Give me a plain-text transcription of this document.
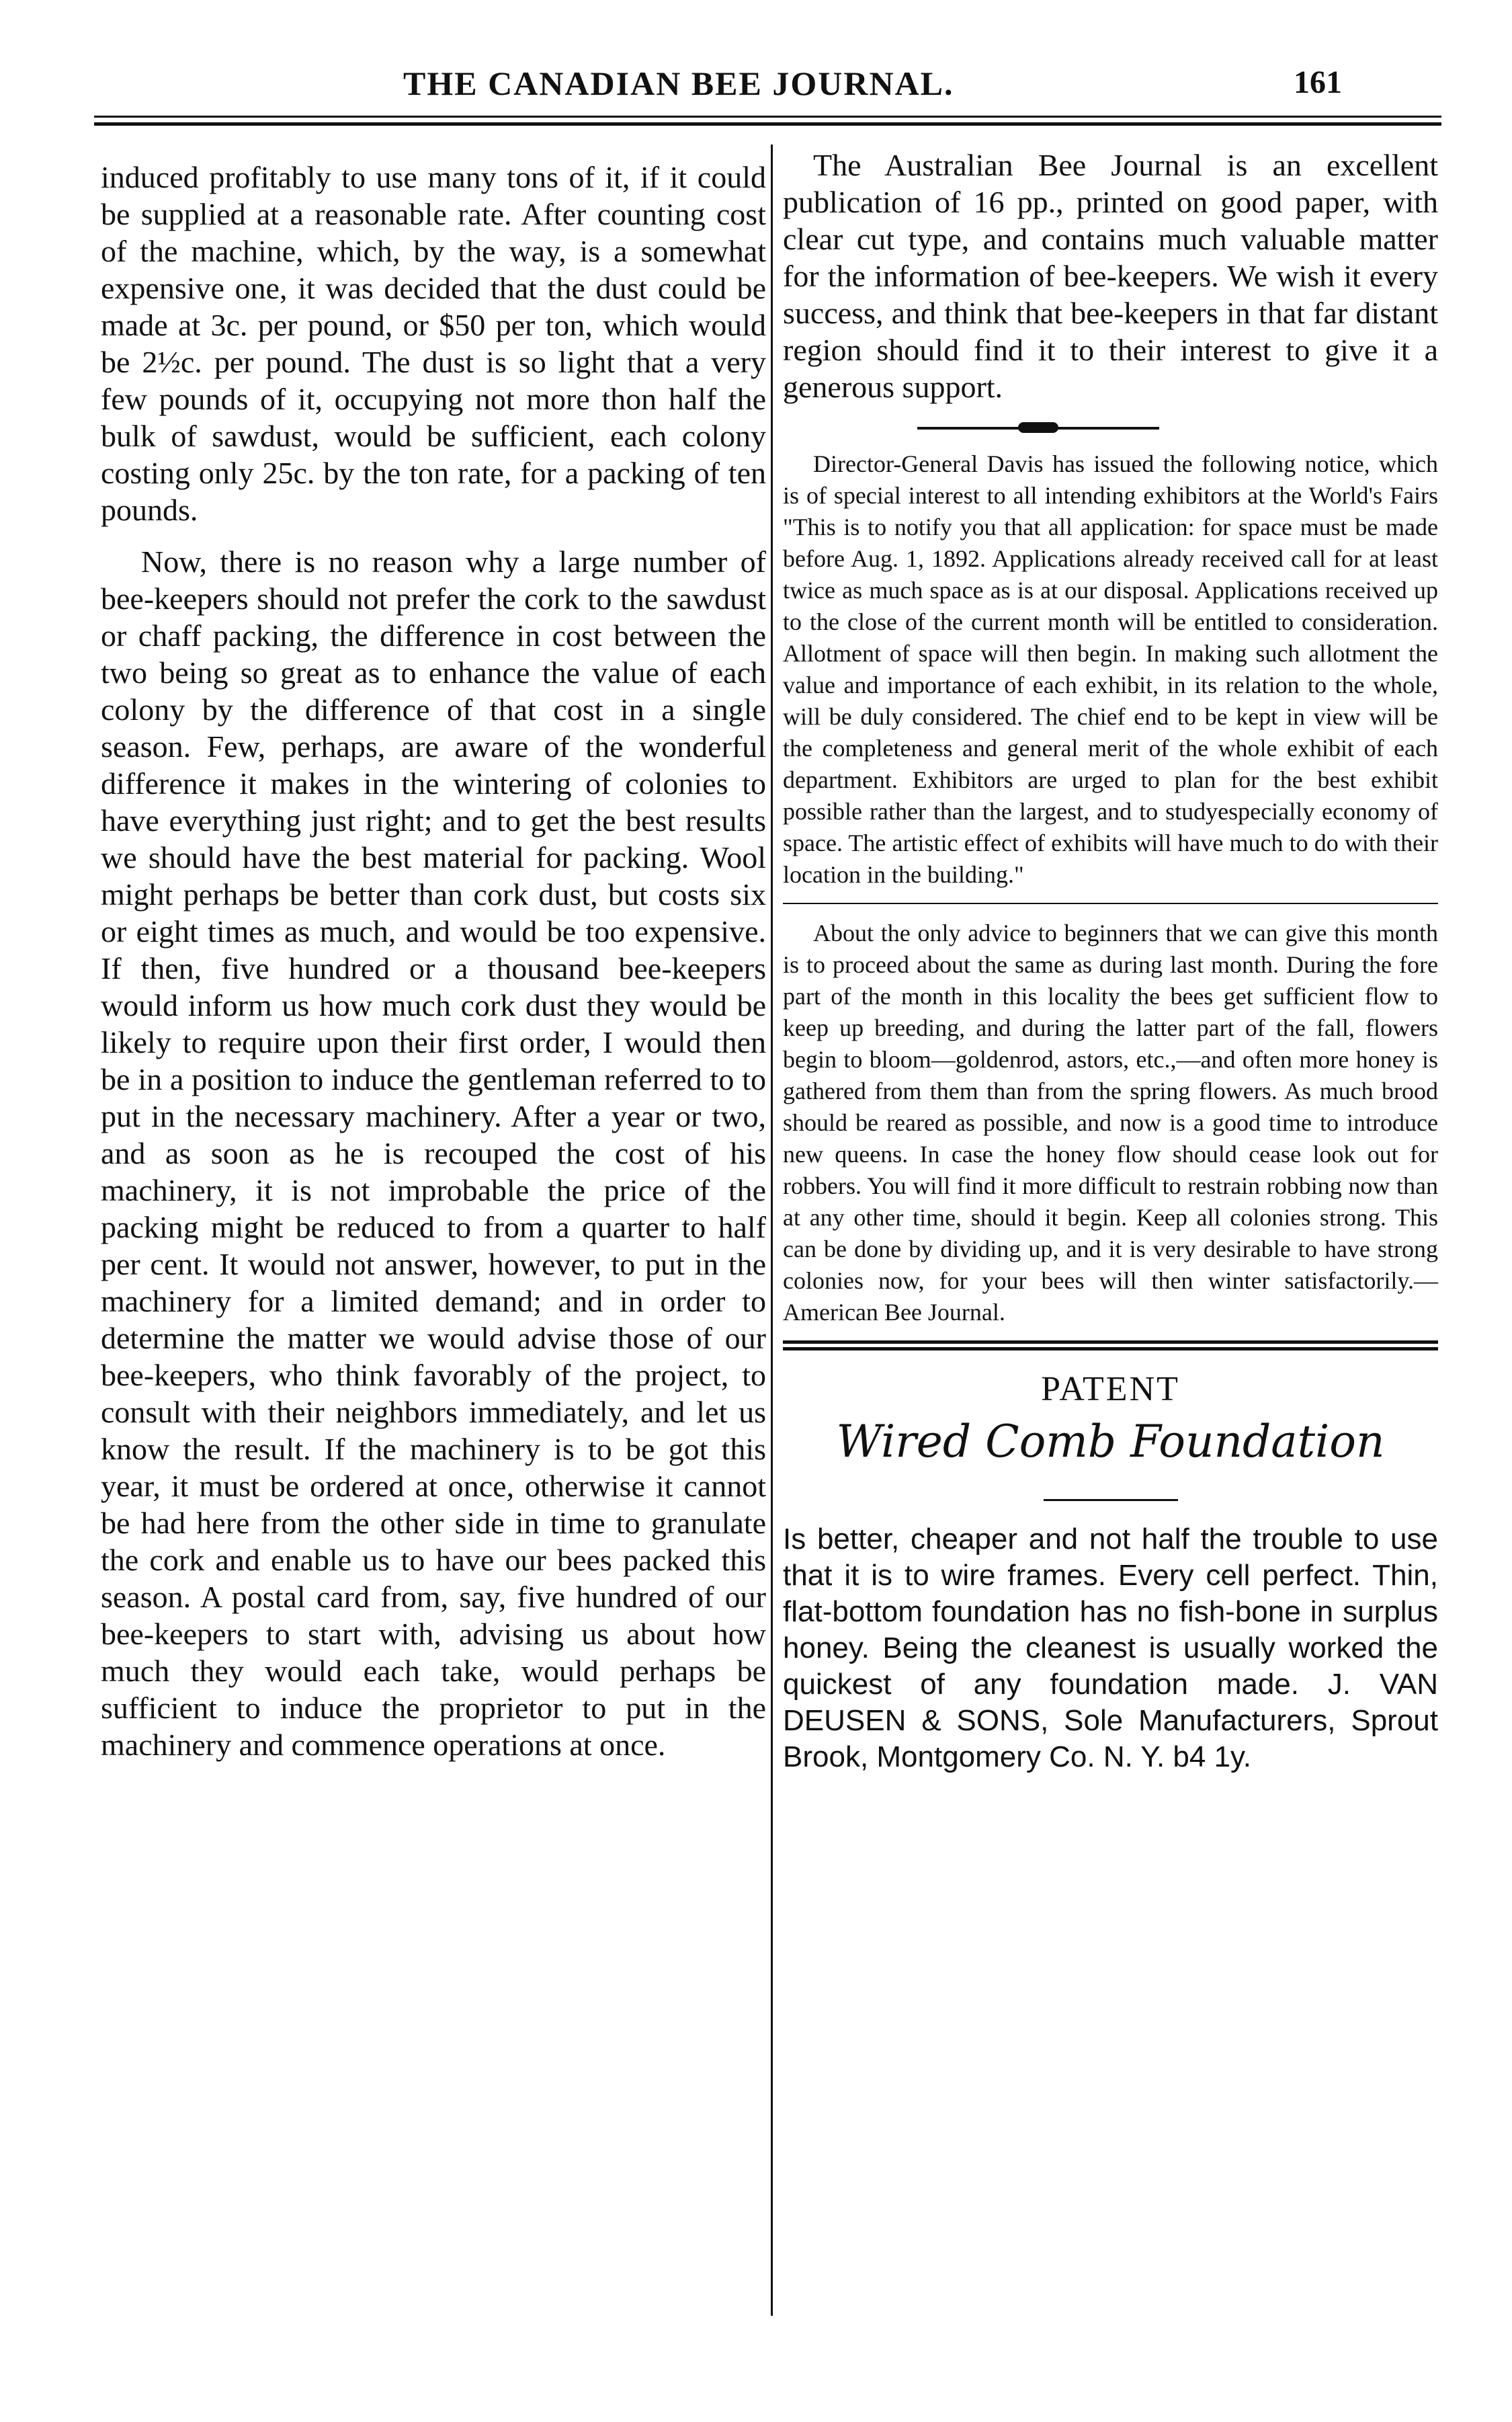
THE CANADIAN BEE JOURNAL.	161

induced profitably to use many tons of it, if it could be supplied at a reasonable rate. After counting cost of the machine, which, by the way, is a somewhat expensive one, it was decided that the dust could be made at 3c. per pound, or $50 per ton, which would be 2½c. per pound. The dust is so light that a very few pounds of it, occupying not more thon half the bulk of sawdust, would be sufficient, each colony costing only 25c. by the ton rate, for a packing of ten pounds.

Now, there is no reason why a large number of bee-keepers should not prefer the cork to the sawdust or chaff packing, the difference in cost between the two being so great as to enhance the value of each colony by the difference of that cost in a single season. Few, perhaps, are aware of the wonderful difference it makes in the wintering of colonies to have everything just right; and to get the best results we should have the best material for packing. Wool might perhaps be better than cork dust, but costs six or eight times as much, and would be too expensive. If then, five hundred or a thousand bee-keepers would inform us how much cork dust they would be likely to require upon their first order, I would then be in a position to induce the gentleman referred to to put in the necessary machinery. After a year or two, and as soon as he is recouped the cost of his machinery, it is not improbable the price of the packing might be reduced to from a quarter to half per cent. It would not answer, however, to put in the machinery for a limited demand; and in order to determine the matter we would advise those of our bee-keepers, who think favorably of the project, to consult with their neighbors immediately, and let us know the result. If the machinery is to be got this year, it must be ordered at once, otherwise it cannot be had here from the other side in time to granulate the cork and enable us to have our bees packed this season. A postal card from, say, five hundred of our bee-keepers to start with, advising us about how much they would each take, would perhaps be sufficient to induce the proprietor to put in the machinery and commence operations at once.

The Australian Bee Journal is an excellent publication of 16 pp., printed on good paper, with clear cut type, and contains much valuable matter for the information of bee-keepers. We wish it every success, and think that bee-keepers in that far distant region should find it to their interest to give it a generous support.

Director-General Davis has issued the following notice, which is of special interest to all intending exhibitors at the World's Fairs "This is to notify you that all application: for space must be made before Aug. 1, 1892. Applications already received call for at least twice as much space as is at our disposal. Applications received up to the close of the current month will be entitled to consideration. Allotment of space will then begin. In making such allotment the value and importance of each exhibit, in its relation to the whole, will be duly considered. The chief end to be kept in view will be the completeness and general merit of the whole exhibit of each department. Exhibitors are urged to plan for the best exhibit possible rather than the largest, and to studyespecially economy of space. The artistic effect of exhibits will have much to do with their location in the building."

About the only advice to beginners that we can give this month is to proceed about the same as during last month. During the fore part of the month in this locality the bees get sufficient flow to keep up breeding, and during the latter part of the fall, flowers begin to bloom—goldenrod, astors, etc.,—and often more honey is gathered from them than from the spring flowers. As much brood should be reared as possible, and now is a good time to introduce new queens. In case the honey flow should cease look out for robbers. You will find it more difficult to restrain robbing now than at any other time, should it begin. Keep all colonies strong. This can be done by dividing up, and it is very desirable to have strong colonies now, for your bees will then winter satisfactorily.—American Bee Journal.

PATENT
Wired Comb Foundation

Is better, cheaper and not half the trouble to use that it is to wire frames. Every cell perfect. Thin, flat-bottom foundation has no fish-bone in surplus honey. Being the cleanest is usually worked the quickest of any foundation made. J. VAN DEUSEN & SONS, Sole Manufacturers, Sprout Brook, Montgomery Co. N. Y. b4 1y.
